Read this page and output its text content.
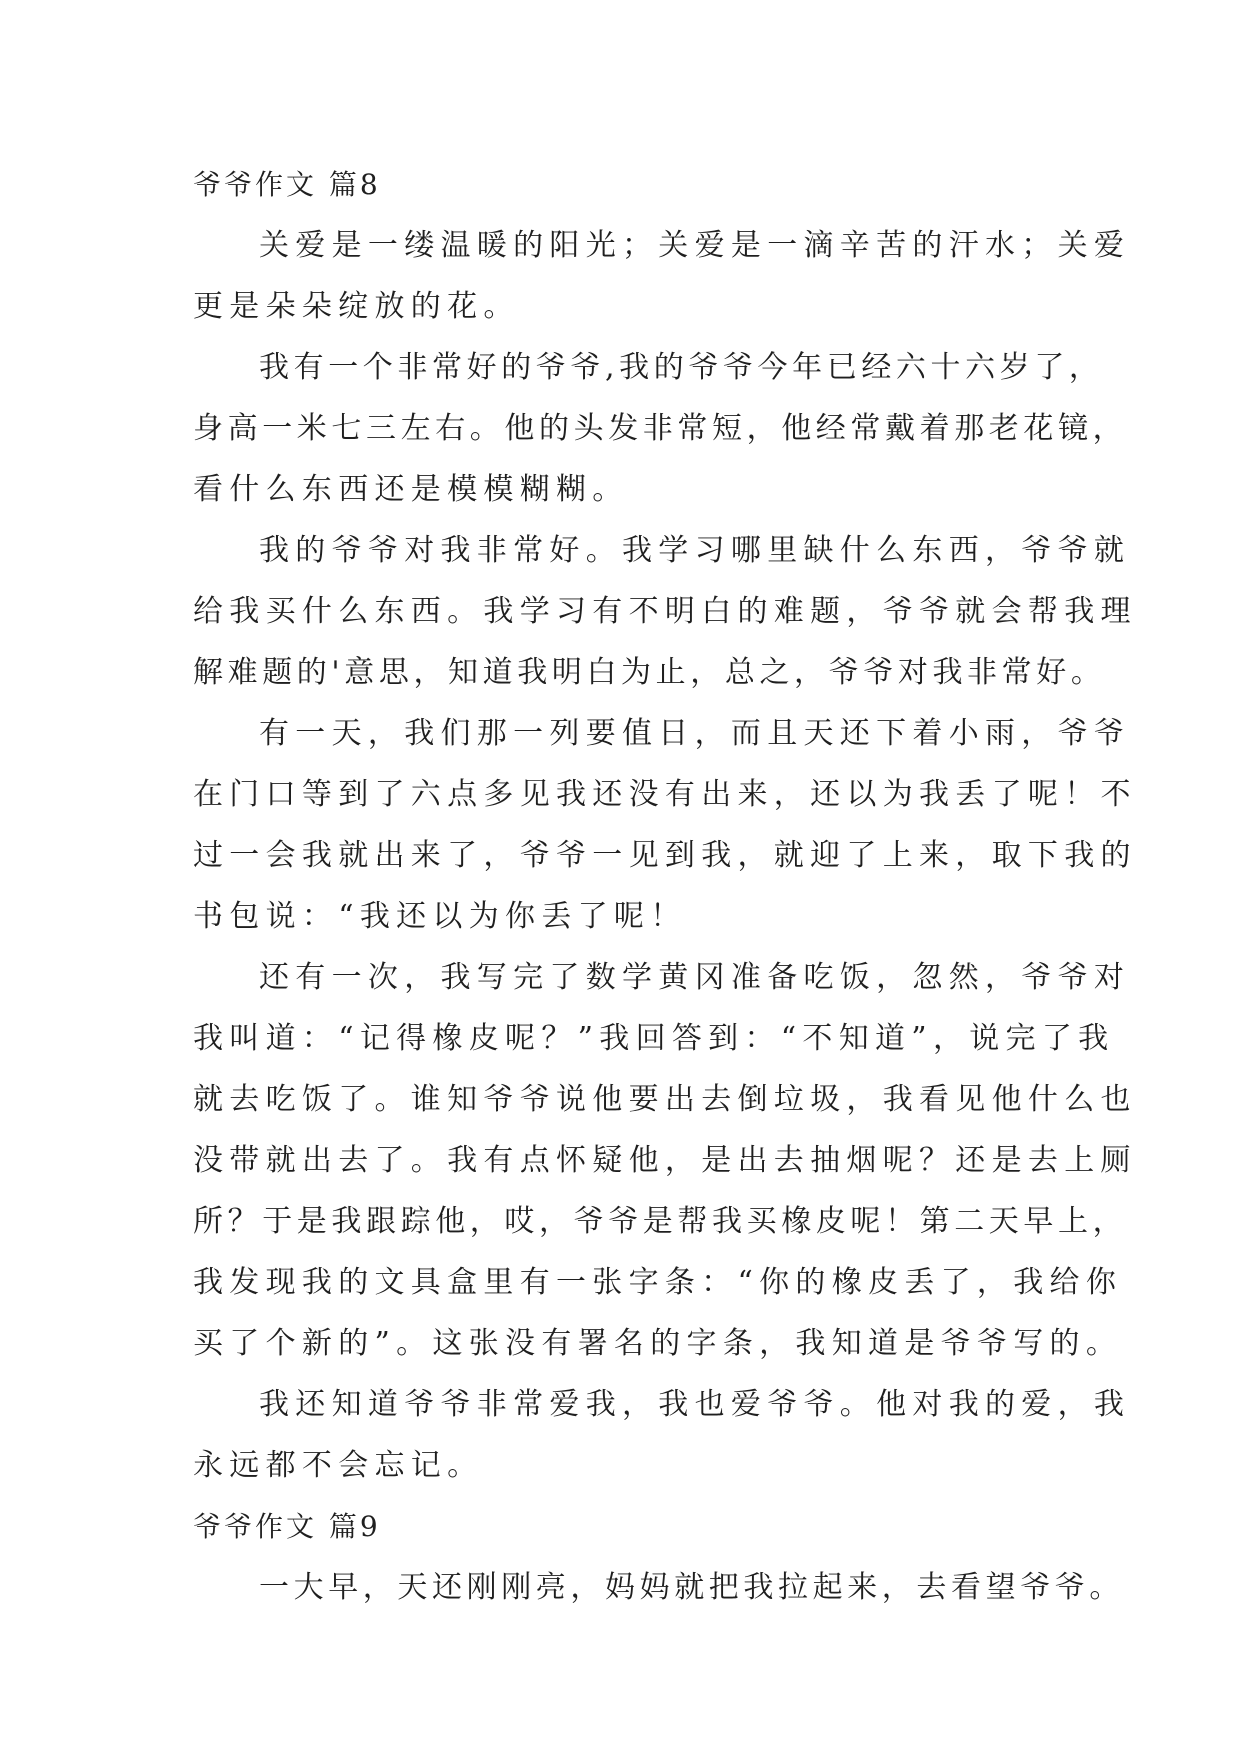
爷爷作文 篇8
关爱是一缕温暖的阳光；关爱是一滴辛苦的汗水；关爱
更是朵朵绽放的花。
我有一个非常好的爷爷,我的爷爷今年已经六十六岁了，
身高一米七三左右。他的头发非常短，他经常戴着那老花镜，
看什么东西还是模模糊糊。
我的爷爷对我非常好。我学习哪里缺什么东西，爷爷就
给我买什么东西。我学习有不明白的难题，爷爷就会帮我理
解难题的'意思，知道我明白为止，总之，爷爷对我非常好。
有一天，我们那一列要值日，而且天还下着小雨，爷爷
在门口等到了六点多见我还没有出来，还以为我丢了呢！不
过一会我就出来了，爷爷一见到我，就迎了上来，取下我的
书包说：“我还以为你丢了呢！
还有一次，我写完了数学黄冈准备吃饭，忽然，爷爷对
我叫道：“记得橡皮呢？”我回答到：“不知道”，说完了我
就去吃饭了。谁知爷爷说他要出去倒垃圾，我看见他什么也
没带就出去了。我有点怀疑他，是出去抽烟呢？还是去上厕
所？于是我跟踪他，哎，爷爷是帮我买橡皮呢！第二天早上，
我发现我的文具盒里有一张字条：“你的橡皮丢了，我给你
买了个新的”。这张没有署名的字条，我知道是爷爷写的。
我还知道爷爷非常爱我，我也爱爷爷。他对我的爱，我
永远都不会忘记。
爷爷作文 篇9
一大早，天还刚刚亮，妈妈就把我拉起来，去看望爷爷。
